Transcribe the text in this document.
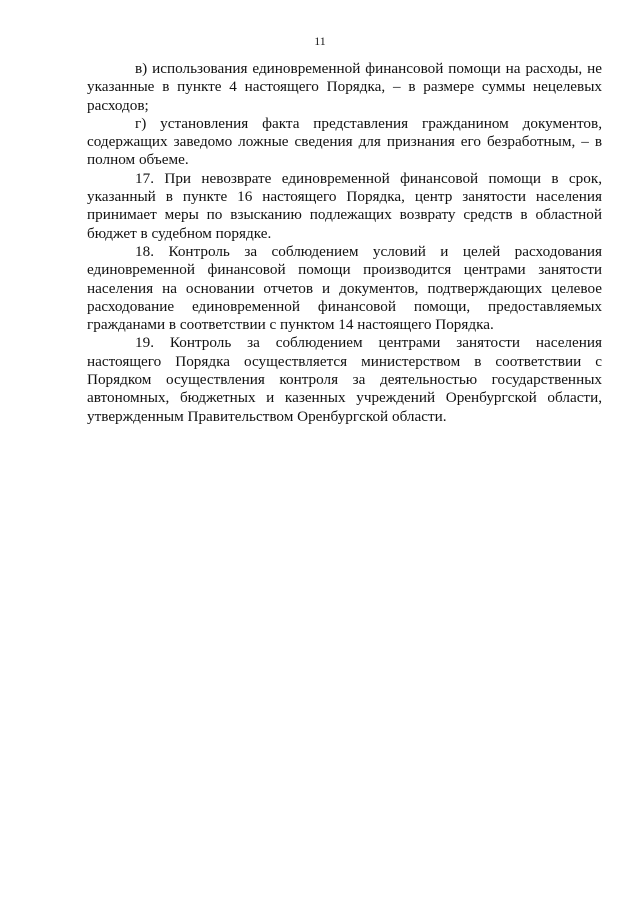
11

в) использования единовременной финансовой помощи на расходы, не указанные в пункте 4 настоящего Порядка, – в размере суммы нецелевых расходов;

г) установления факта представления гражданином документов, содержащих заведомо ложные сведения для признания его безработным, – в полном объеме.

17. При невозврате единовременной финансовой помощи в срок, указанный в пункте 16 настоящего Порядка, центр занятости населения принимает меры по взысканию подлежащих возврату средств в областной бюджет в судебном порядке.

18. Контроль за соблюдением условий и целей расходования единовременной финансовой помощи производится центрами занятости населения на основании отчетов и документов, подтверждающих целевое расходование единовременной финансовой помощи, предоставляемых гражданами в соответствии с пунктом 14 настоящего Порядка.

19. Контроль за соблюдением центрами занятости населения настоящего Порядка осуществляется министерством в соответствии с Порядком осуществления контроля за деятельностью государственных автономных, бюджетных и казенных учреждений Оренбургской области, утвержденным Правительством Оренбургской области.
